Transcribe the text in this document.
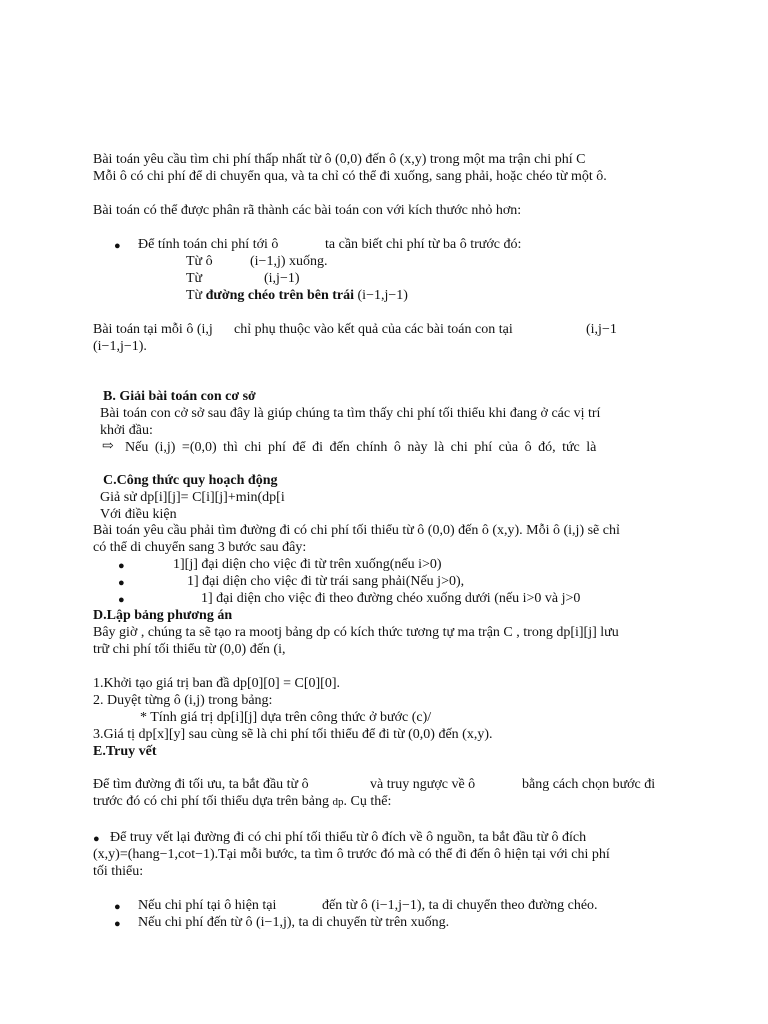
Bài toán yêu cầu tìm chi phí thấp nhất từ ô (0,0) đến ô (x,y) trong một ma trận chi phí C
Mỗi ô có chi phí để di chuyển qua, và ta chỉ có thể đi xuống, sang phải, hoặc chéo từ một ô.
Bài toán có thể được phân rã thành các bài toán con với kích thước nhỏ hơn:
● Để tính toán chi phí tới ô	ta cần biết chi phí từ ba ô trước đó:
Từ ô	(i−1,j) xuống.
Từ	(i,j−1)
Từ đường chéo trên bên trái (i−1,j−1)
Bài toán tại mỗi ô (i,j chỉ phụ thuộc vào kết quả của các bài toán con tại	(i,j−1
(i−1,j−1).
B. Giải bài toán con cơ sở
Bài toán con cở sở sau đây là giúp chúng ta tìm thấy chi phí tối thiểu khi đang ở các vị trí
khởi đầu:
⇨ Nếu (i,j) =(0,0) thì chi phí để đi đến chính ô này là chi phí của ô đó, tức là
C.Công thức quy hoạch động
Giả sử dp[i][j]= C[i][j]+min(dp[i
Với điều kiện
Bài toán yêu cầu phải tìm đường đi có chi phí tối thiểu từ ô (0,0) đến ô (x,y). Mỗi ô (i,j) sẽ chỉ
có thể di chuyển sang 3 bước sau đây:
●	1][j] đại diện cho việc đi từ trên xuống(nếu i>0)
●	1] đại diện cho việc đi từ trái sang phải(Nếu j>0),
●	1] đại diện cho việc đi theo đường chéo xuống dưới (nếu i>0 và j>0
D.Lập bảng phương án
Bây giờ , chúng ta sẽ tạo ra mootj bảng dp có kích thức tương tự ma trận C , trong dp[i][j] lưu
trữ chi phí tối thiểu từ (0,0) đến (i,
1.Khởi tạo giá trị ban đầ dp[0][0] = C[0][0].
2. Duyệt từng ô (i,j) trong bảng:
* Tính giá trị dp[i][j] dựa trên công thức ở bước (c)/
3.Giá tị dp[x][y] sau cùng sẽ là chi phí tối thiểu để đi từ (0,0) đến (x,y).
E.Truy vết
Để tìm đường đi tối ưu, ta bắt đầu từ ô	và truy ngược về ô	bằng cách chọn bước đi
trước đó có chi phí tối thiểu dựa trên bảng dp. Cụ thể:
● Để truy vết lại đường đi có chi phí tối thiểu từ ô đích về ô nguồn, ta bắt đầu từ ô đích
(x,y)=(hang−1,cot−1).Tại mỗi bước, ta tìm ô trước đó mà có thể đi đến ô hiện tại với chi phí
tối thiểu:
● Nếu chi phí tại ô hiện tại	đến từ ô (i−1,j−1), ta di chuyển theo đường chéo.
● Nếu chi phí đến từ ô (i−1,j), ta di chuyển từ trên xuống.
